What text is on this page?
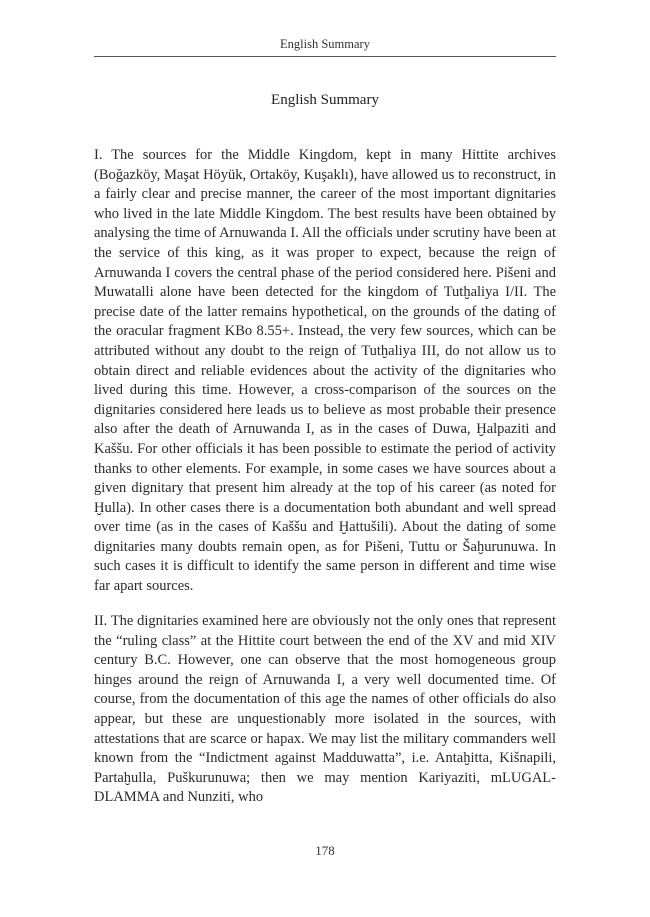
English Summary
English Summary

I. The sources for the Middle Kingdom, kept in many Hittite archives (Boğazköy, Maşat Höyük, Ortaköy, Kuşaklı), have allowed us to reconstruct, in a fairly clear and precise manner, the career of the most important dignitaries who lived in the late Middle Kingdom. The best results have been obtained by analysing the time of Arnuwanda I. All the officials under scrutiny have been at the service of this king, as it was proper to expect, because the reign of Arnuwanda I covers the central phase of the period considered here. Pišeni and Muwatalli alone have been detected for the kingdom of Tutḫaliya I/II. The precise date of the latter remains hypothetical, on the grounds of the dating of the oracular fragment KBo 8.55+. Instead, the very few sources, which can be attributed without any doubt to the reign of Tutḫaliya III, do not allow us to obtain direct and reliable evidences about the activity of the dignitaries who lived during this time. However, a cross-comparison of the sources on the dignitaries considered here leads us to believe as most probable their presence also after the death of Arnuwanda I, as in the cases of Duwa, Ḫalpaziti and Kaššu. For other officials it has been possible to estimate the period of activity thanks to other elements. For example, in some cases we have sources about a given dignitary that present him already at the top of his career (as noted for Ḫulla). In other cases there is a documentation both abundant and well spread over time (as in the cases of Kaššu and Ḫattušili). About the dating of some dignitaries many doubts remain open, as for Pišeni, Tuttu or Šaḫurunuwa. In such cases it is difficult to identify the same person in different and time wise far apart sources.

II. The dignitaries examined here are obviously not the only ones that represent the “ruling class” at the Hittite court between the end of the XV and mid XIV century B.C. However, one can observe that the most homogeneous group hinges around the reign of Arnuwanda I, a very well documented time. Of course, from the documentation of this age the names of other officials do also appear, but these are unquestionably more isolated in the sources, with attestations that are scarce or hapax. We may list the military commanders well known from the “Indictment against Madduwatta”, i.e. Antaḫitta, Kišnapili, Partaḫulla, Puškurunuwa; then we may mention Kariyaziti, mLUGAL-DLAMMA and Nunziti, who

178
